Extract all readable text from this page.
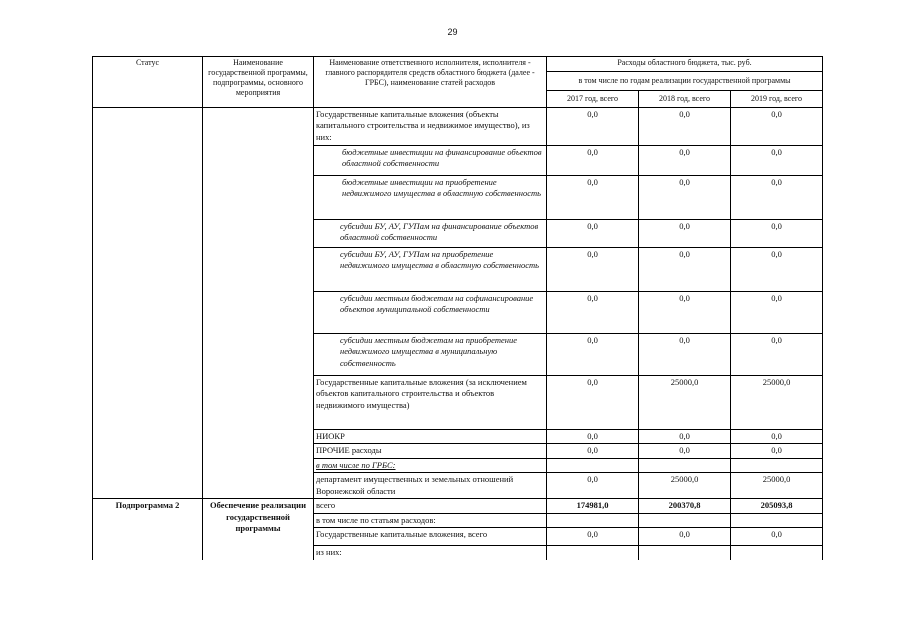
29
Статус	Наименование государственной программы, подпрограммы, основного мероприятия	Наименование ответственного исполнителя, исполнителя - главного распорядителя средств областного бюджета (далее - ГРБС), наименование статей расходов	Расходы областного бюджета, тыс. руб.		
			в том числе по годам реализации государственной программы		
			2017 год, всего	2018 год, всего	2019 год, всего
		Государственные капитальные вложения (объекты капитального строительства и недвижимое имущество), из них:	0,0	0,0	0,0
		бюджетные инвестиции на финансирование объектов областной собственности	0,0	0,0	0,0
		бюджетные инвестиции на приобретение недвижимого имущества в областную собственность	0,0	0,0	0,0
		субсидии БУ, АУ, ГУПам на финансирование объектов областной собственности	0,0	0,0	0,0
		субсидии БУ, АУ, ГУПам на приобретение недвижимого имущества в областную собственность	0,0	0,0	0,0
		субсидии местным бюджетам на софинансирование объектов муниципальной собственности	0,0	0,0	0,0
		субсидии местным бюджетам на приобретение недвижимого имущества в муниципальную собственность	0,0	0,0	0,0
		Государственные капитальные вложения (за исключением объектов капитального строительства и объектов недвижимого имущества)	0,0	25000,0	25000,0
		НИОКР	0,0	0,0	0,0
		ПРОЧИЕ расходы	0,0	0,0	0,0
		в том числе по ГРБС:			
		департамент имущественных и земельных отношений Воронежской области	0,0	25000,0	25000,0
Подпрограмма 2	Обеспечение реализации государственной программы	всего	174981,0	200370,8	205093,8
		в том числе по статьям расходов:			
		Государственные капитальные вложения, всего	0,0	0,0	0,0
		из них:			
